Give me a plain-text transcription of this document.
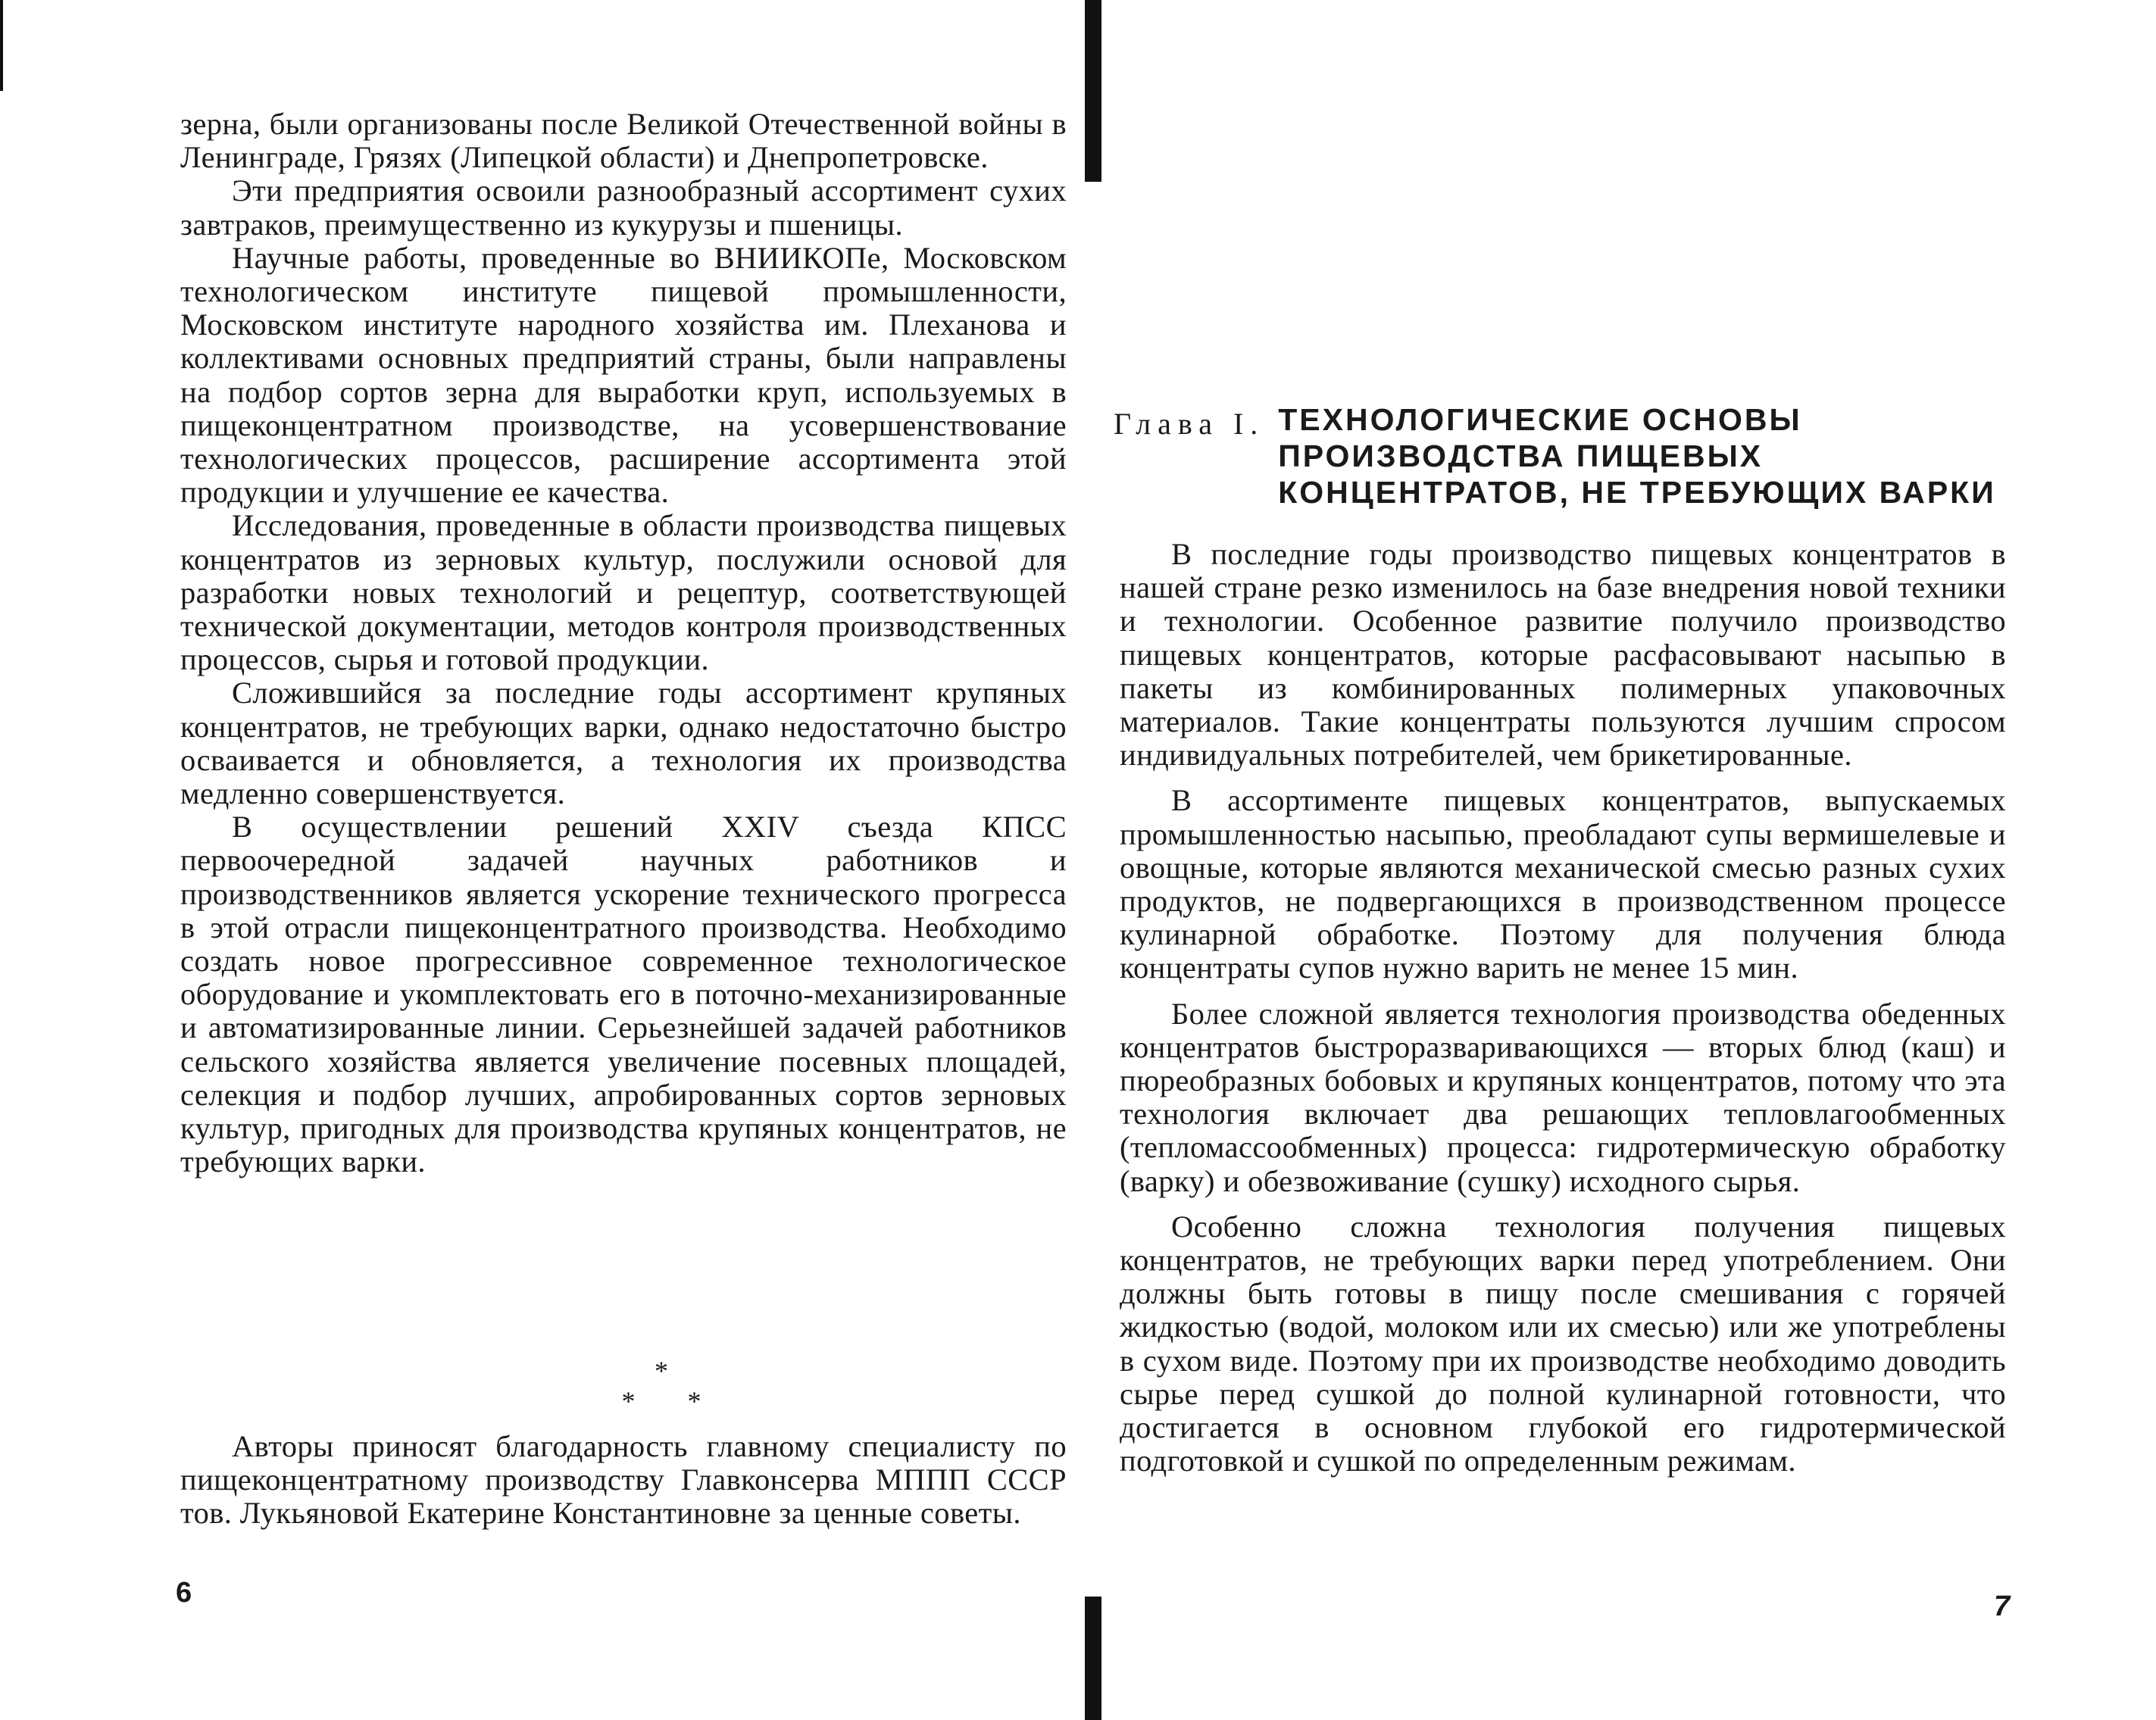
зерна, были организованы после Великой Отечественной войны в Ленинграде, Грязях (Липецкой области) и Днепропетровске.

Эти предприятия освоили разнообразный ассортимент сухих завтраков, преимущественно из кукурузы и пшеницы.

Научные работы, проведенные во ВНИИКОПе, Московском технологическом институте пищевой промышленности, Московском институте народного хозяйства им. Плеханова и коллективами основных предприятий страны, были направлены на подбор сортов зерна для выработки круп, используемых в пищеконцентратном производстве, на усовершенствование технологических процессов, расширение ассортимента этой продукции и улучшение ее качества.

Исследования, проведенные в области производства пищевых концентратов из зерновых культур, послужили основой для разработки новых технологий и рецептур, соответствующей технической документации, методов контроля производственных процессов, сырья и готовой продукции.

Сложившийся за последние годы ассортимент крупяных концентратов, не требующих варки, однако недостаточно быстро осваивается и обновляется, а технология их производства медленно совершенствуется.

В осуществлении решений XXIV съезда КПСС первоочередной задачей научных работников и производственников является ускорение технического прогресса в этой отрасли пищеконцентратного производства. Необходимо создать новое прогрессивное современное технологическое оборудование и укомплектовать его в поточно-механизированные и автоматизированные линии. Серьезнейшей задачей работников сельского хозяйства является увеличение посевных площадей, селекция и подбор лучших, апробированных сортов зерновых культур, пригодных для производства крупяных концентратов, не требующих варки.

*
* *

Авторы приносят благодарность главному специалисту по пищеконцентратному производству Главконсерва МППП СССР тов. Лукьяновой Екатерине Константиновне за ценные советы.

6
Глава I. ТЕХНОЛОГИЧЕСКИЕ ОСНОВЫ ПРОИЗВОДСТВА ПИЩЕВЫХ КОНЦЕНТРАТОВ, НЕ ТРЕБУЮЩИХ ВАРКИ

В последние годы производство пищевых концентратов в нашей стране резко изменилось на базе внедрения новой техники и технологии. Особенное развитие получило производство пищевых концентратов, которые расфасовывают насыпью в пакеты из комбинированных полимерных упаковочных материалов. Такие концентраты пользуются лучшим спросом индивидуальных потребителей, чем брикетированные.

В ассортименте пищевых концентратов, выпускаемых промышленностью насыпью, преобладают супы вермишелевые и овощные, которые являются механической смесью разных сухих продуктов, не подвергающихся в производственном процессе кулинарной обработке. Поэтому для получения блюда концентраты супов нужно варить не менее 15 мин.

Более сложной является технология производства обеденных концентратов быстроразваривающихся — вторых блюд (каш) и пюреобразных бобовых и крупяных концентратов, потому что эта технология включает два решающих тепловлагообменных (тепломассообменных) процесса: гидротермическую обработку (варку) и обезвоживание (сушку) исходного сырья.

Особенно сложна технология получения пищевых концентратов, не требующих варки перед употреблением. Они должны быть готовы в пищу после смешивания с горячей жидкостью (водой, молоком или их смесью) или же употреблены в сухом виде. Поэтому при их производстве необходимо доводить сырье перед сушкой до полной кулинарной готовности, что достигается в основном глубокой его гидротермической подготовкой и сушкой по определенным режимам.

7
